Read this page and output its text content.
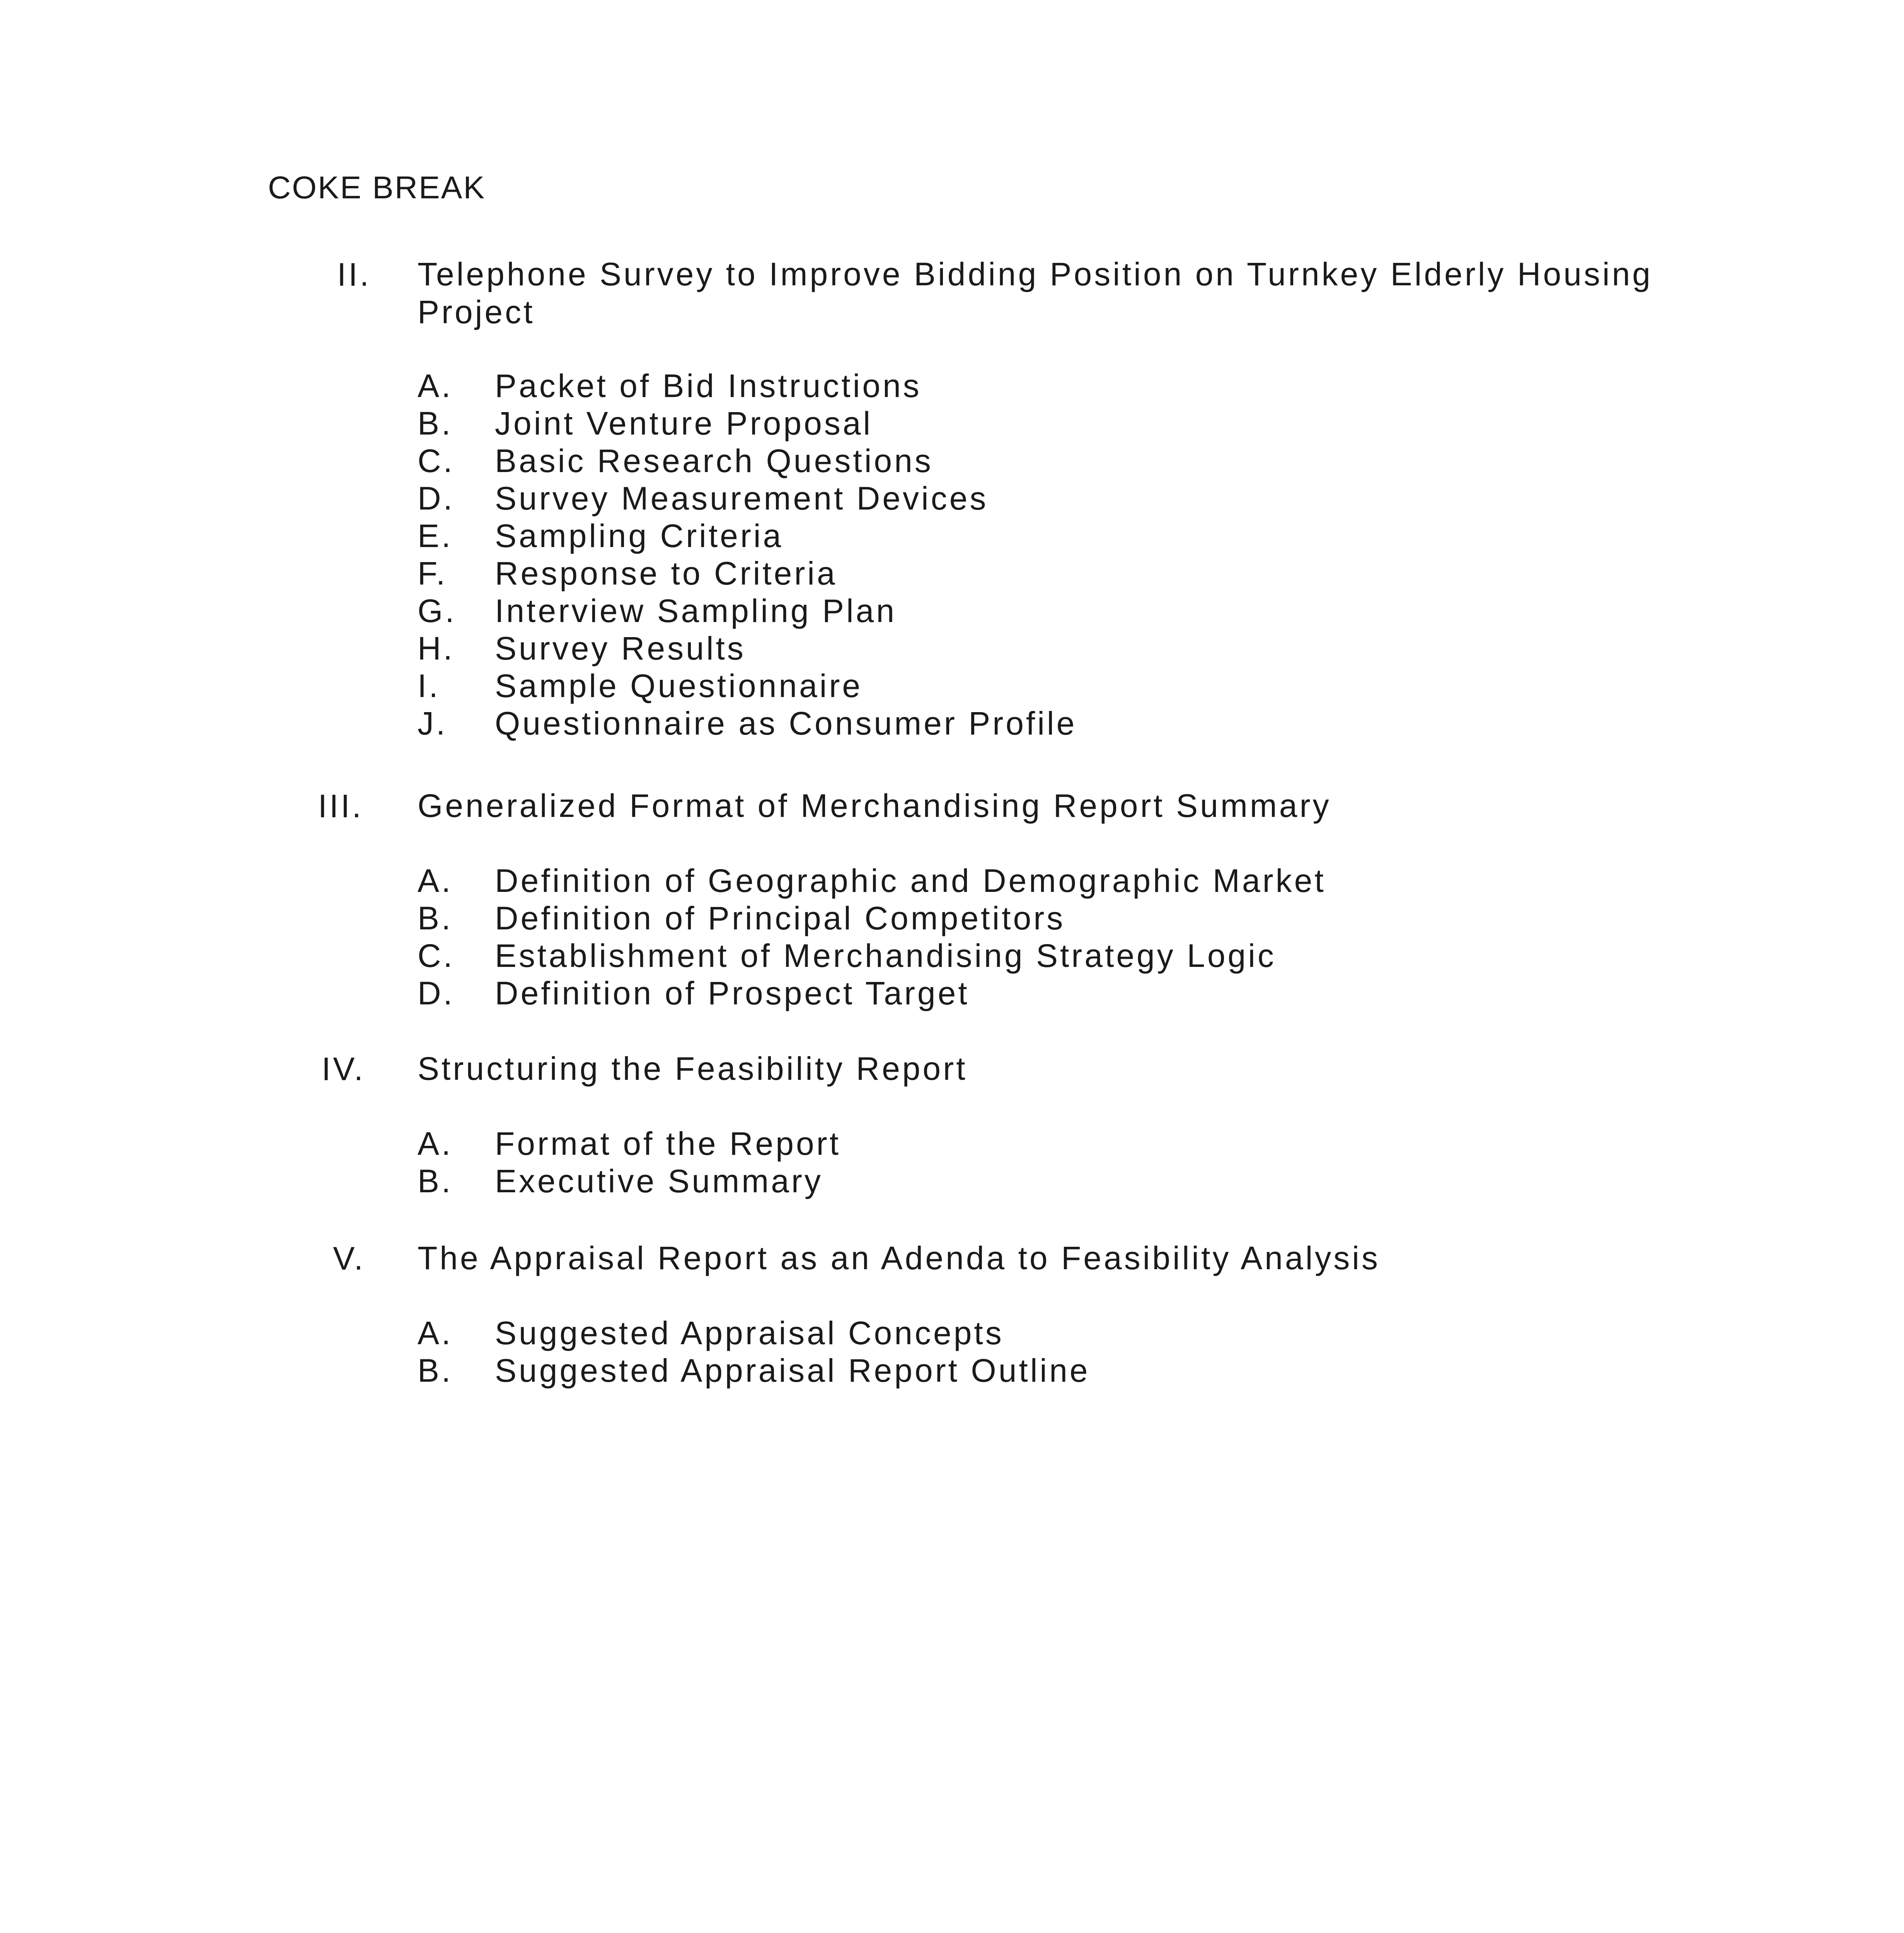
COKE BREAK
II. Telephone Survey to Improve Bidding Position on Turnkey Elderly Housing Project
A. Packet of Bid Instructions
B. Joint Venture Proposal
C. Basic Research Questions
D. Survey Measurement Devices
E. Sampling Criteria
F. Response to Criteria
G. Interview Sampling Plan
H. Survey Results
I. Sample Questionnaire
J. Questionnaire as Consumer Profile
III. Generalized Format of Merchandising Report Summary
A. Definition of Geographic and Demographic Market
B. Definition of Principal Competitors
C. Establishment of Merchandising Strategy Logic
D. Definition of Prospect Target
IV. Structuring the Feasibility Report
A. Format of the Report
B. Executive Summary
V. The Appraisal Report as an Adenda to Feasibility Analysis
A. Suggested Appraisal Concepts
B. Suggested Appraisal Report Outline
